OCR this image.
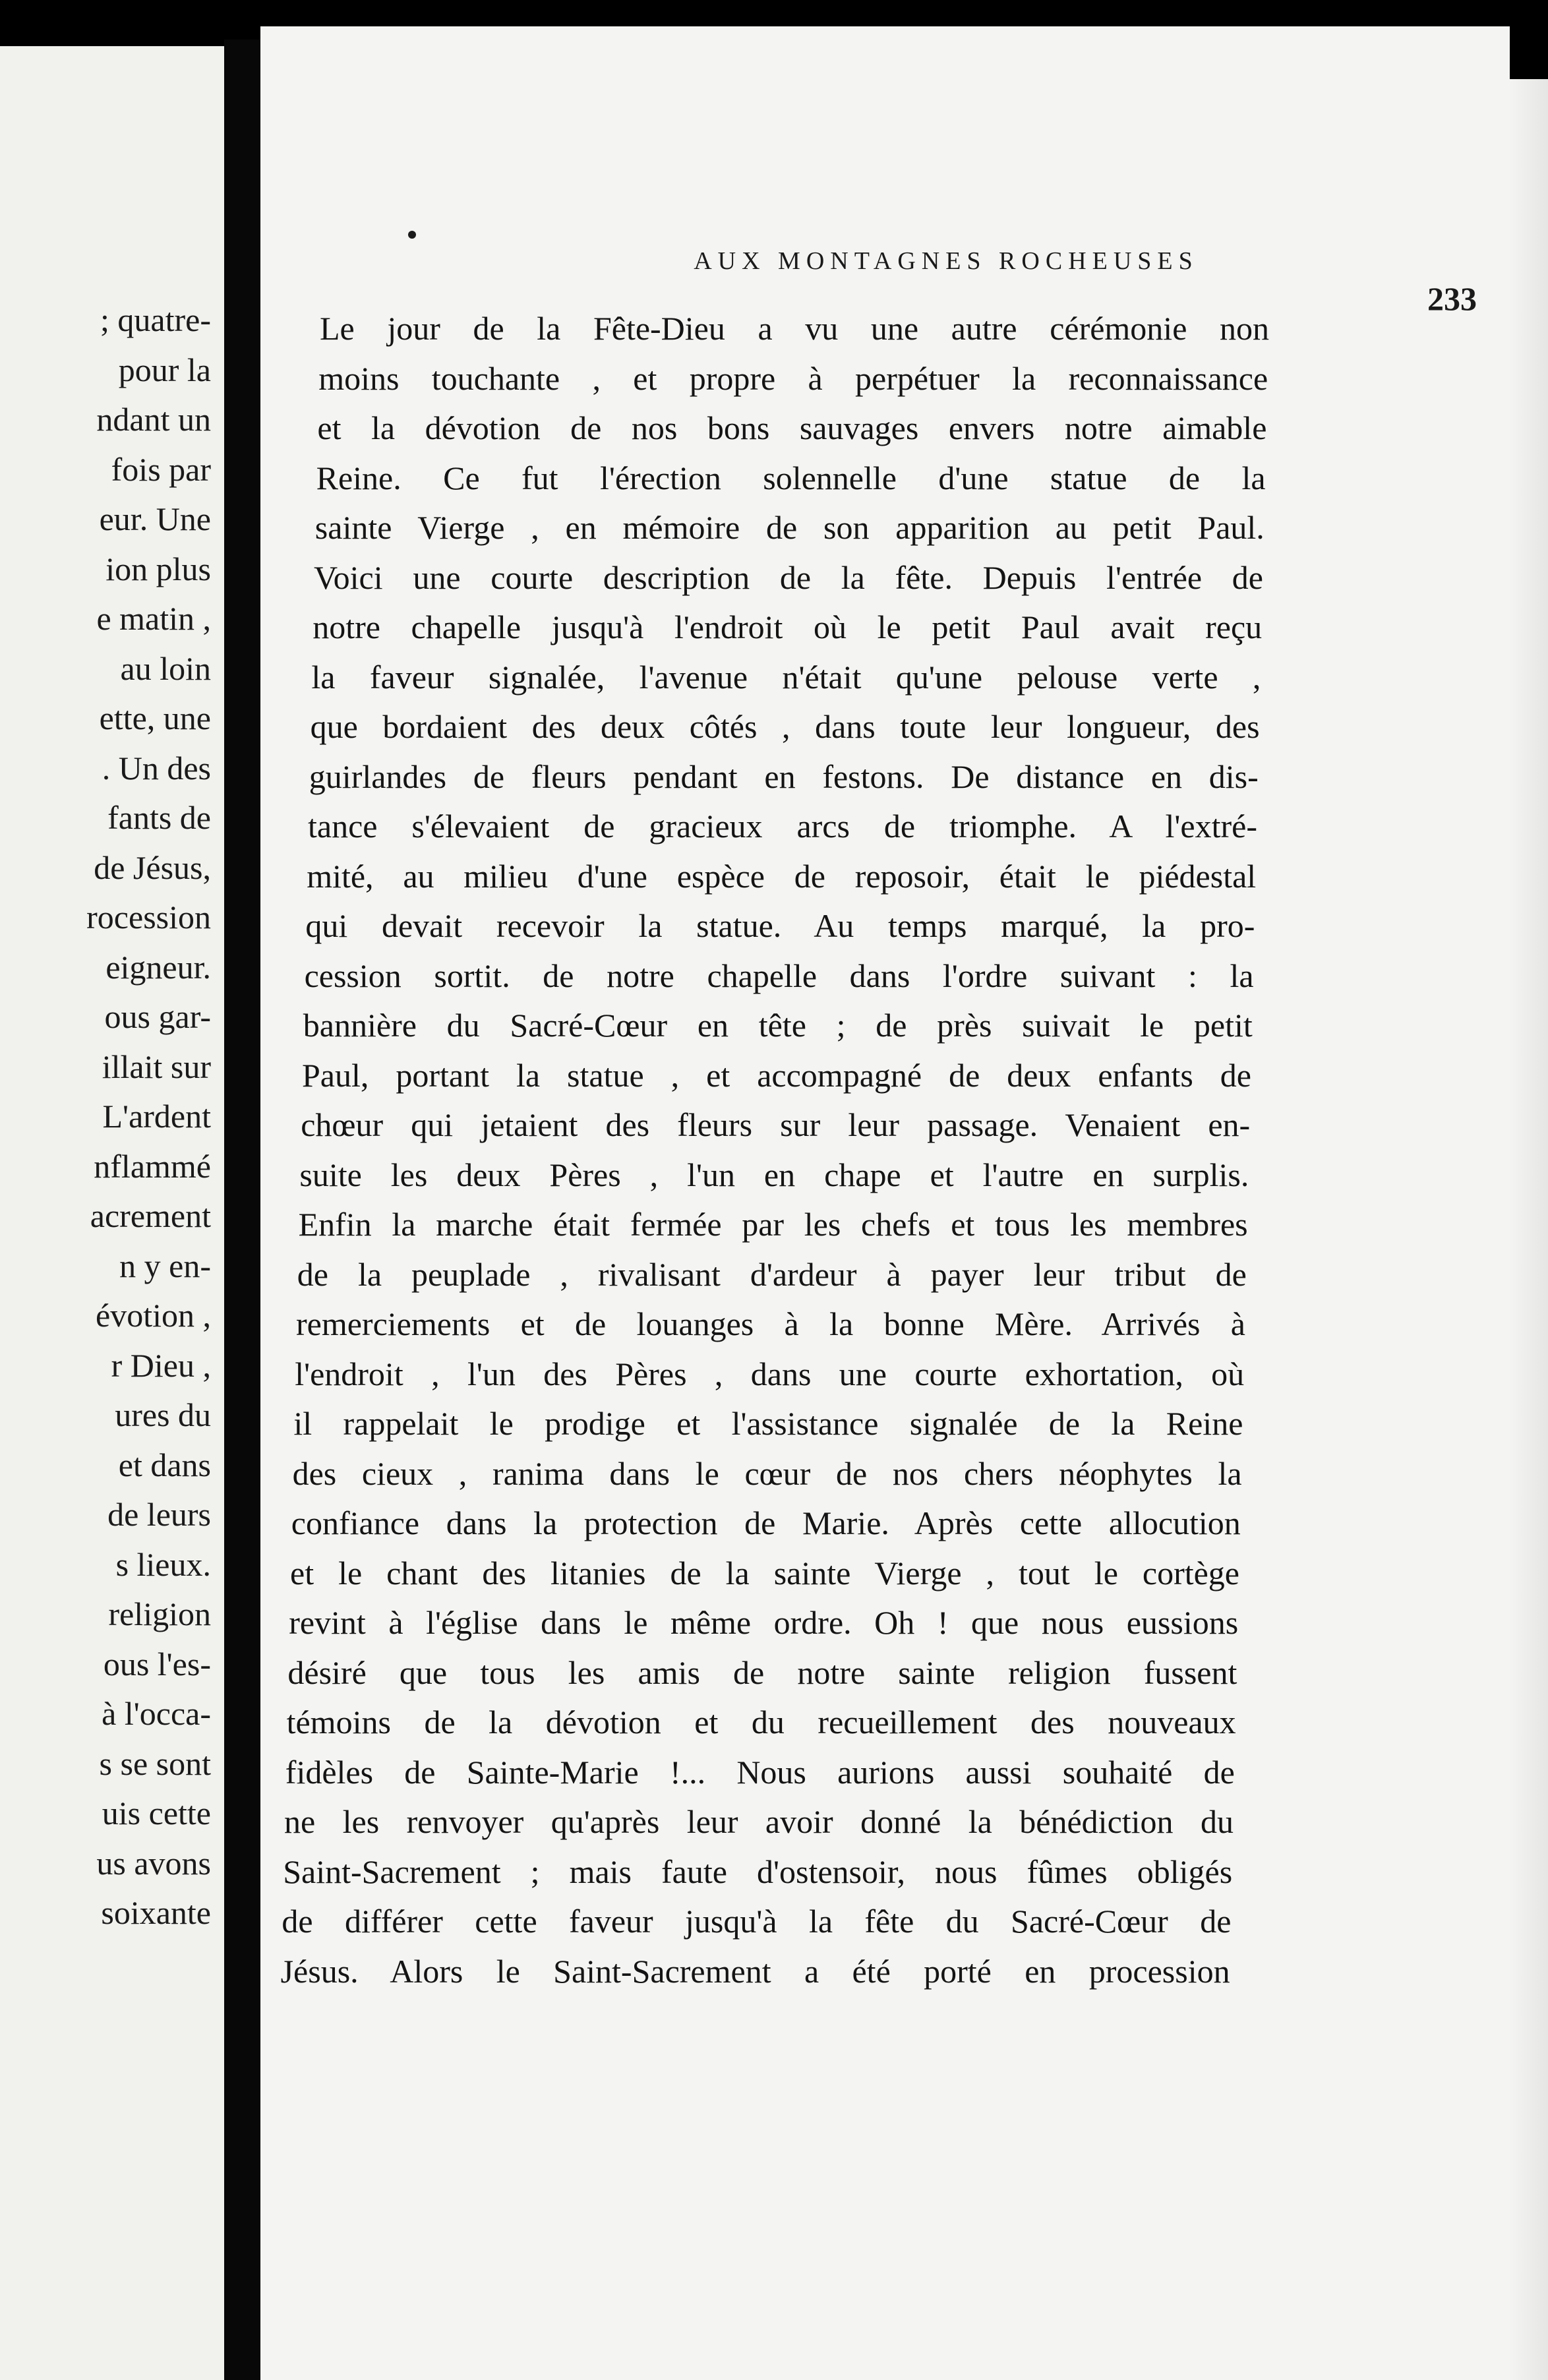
; quatre-
pour la
ndant un
fois par
eur. Une
ion plus
e matin ,
au loin
ette, une
. Un des
fants de
de Jésus,
rocession
eigneur.
ous gar-
illait sur
L'ardent
nflammé
acrement
n y en-
évotion ,
r Dieu ,
ures du
et dans
de leurs
s lieux.
religion
ous l'es-
à l'occa-
s se sont
uis cette
us avons
soixante
AUX MONTAGNES ROCHEUSES
233
Le jour de la Fête-Dieu a vu une autre cérémonie non
moins touchante , et propre à perpétuer la reconnaissance
et la dévotion de nos bons sauvages envers notre aimable
Reine. Ce fut l'érection solennelle d'une statue de la
sainte Vierge , en mémoire de son apparition au petit Paul.
Voici une courte description de la fête. Depuis l'entrée de
notre chapelle jusqu'à l'endroit où le petit Paul avait reçu
la faveur signalée, l'avenue n'était qu'une pelouse verte ,
que bordaient des deux côtés , dans toute leur longueur, des
guirlandes de fleurs pendant en festons. De distance en dis-
tance s'élevaient de gracieux arcs de triomphe. A l'extré-
mité, au milieu d'une espèce de reposoir, était le piédestal
qui devait recevoir la statue. Au temps marqué, la pro-
cession sortit. de notre chapelle dans l'ordre suivant : la
bannière du Sacré-Cœur en tête ; de près suivait le petit
Paul, portant la statue , et accompagné de deux enfants de
chœur qui jetaient des fleurs sur leur passage. Venaient en-
suite les deux Pères , l'un en chape et l'autre en surplis.
Enfin la marche était fermée par les chefs et tous les membres
de la peuplade , rivalisant d'ardeur à payer leur tribut de
remerciements et de louanges à la bonne Mère. Arrivés à
l'endroit , l'un des Pères , dans une courte exhortation, où
il rappelait le prodige et l'assistance signalée de la Reine
des cieux , ranima dans le cœur de nos chers néophytes la
confiance dans la protection de Marie. Après cette allocution
et le chant des litanies de la sainte Vierge , tout le cortège
revint à l'église dans le même ordre. Oh ! que nous eussions
désiré que tous les amis de notre sainte religion fussent
témoins de la dévotion et du recueillement des nouveaux
fidèles de Sainte-Marie !... Nous aurions aussi souhaité de
ne les renvoyer qu'après leur avoir donné la bénédiction du
Saint-Sacrement ; mais faute d'ostensoir, nous fûmes obligés
de différer cette faveur jusqu'à la fête du Sacré-Cœur de
Jésus. Alors le Saint-Sacrement a été porté en procession
